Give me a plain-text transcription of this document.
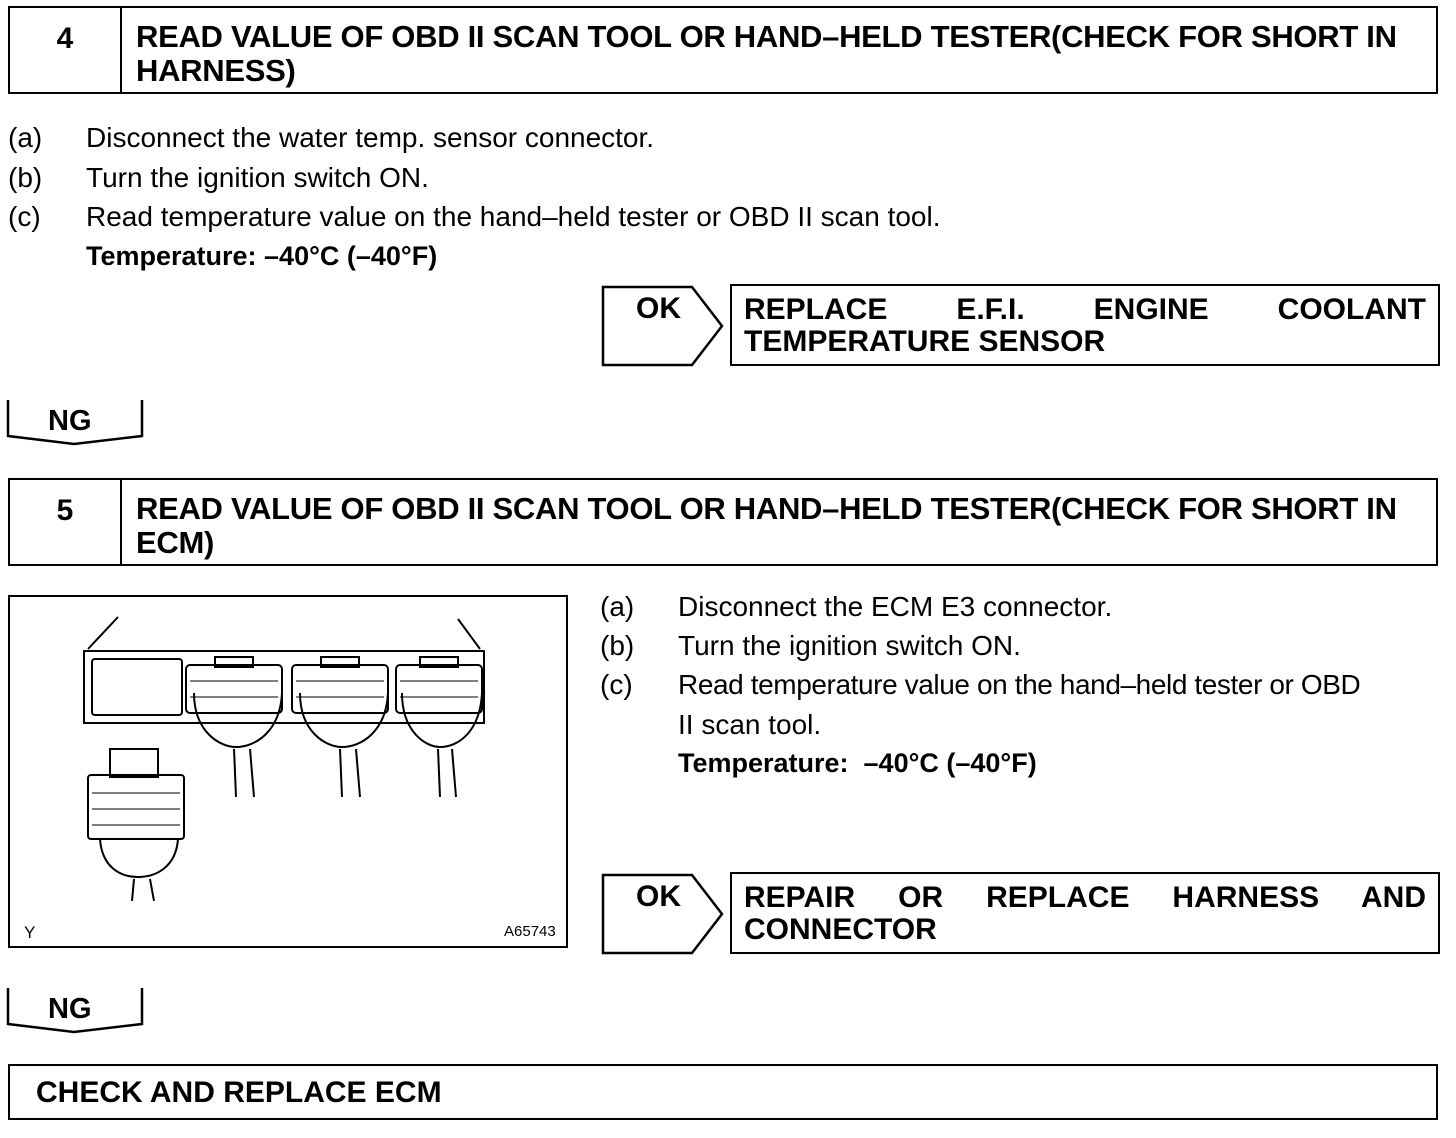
4	READ VALUE OF OBD II SCAN TOOL OR HAND–HELD TESTER(CHECK FOR SHORT IN HARNESS)
(a) Disconnect the water temp. sensor connector.
(b) Turn the ignition switch ON.
(c) Read temperature value on the hand–held tester or OBD II scan tool.
Temperature: –40°C (–40°F)
OK REPLACE E.F.I. ENGINE COOLANT
TEMPERATURE SENSOR
NG
5	READ VALUE OF OBD II SCAN TOOL OR HAND–HELD TESTER(CHECK FOR SHORT IN ECM)
Y	A65743
(a) Disconnect the ECM E3 connector.
(b) Turn the ignition switch ON.
(c) Read temperature value on the hand–held tester or OBD
II scan tool.
Temperature:  –40°C (–40°F)
OK REPAIR OR REPLACE HARNESS AND
CONNECTOR
NG
CHECK AND REPLACE ECM
